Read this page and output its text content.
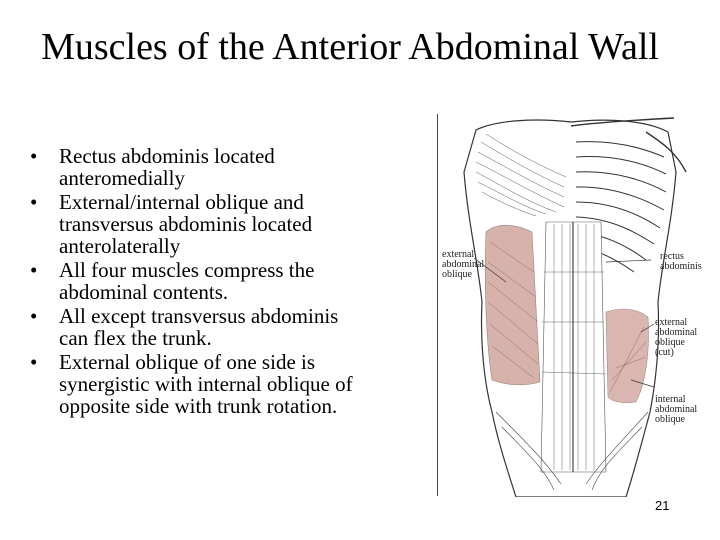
Muscles of the Anterior Abdominal Wall
• Rectus abdominis located anteromedially
• External/internal oblique and transversus abdominis located anterolaterally
• All four muscles compress the abdominal contents.
• All except transversus abdominis can flex the trunk.
• External oblique of one side is synergistic with internal oblique of opposite side with trunk rotation.
external
abdominal
oblique
rectus
abdominis
external
abdominal
oblique
(cut)
internal
abdominal
oblique
21
